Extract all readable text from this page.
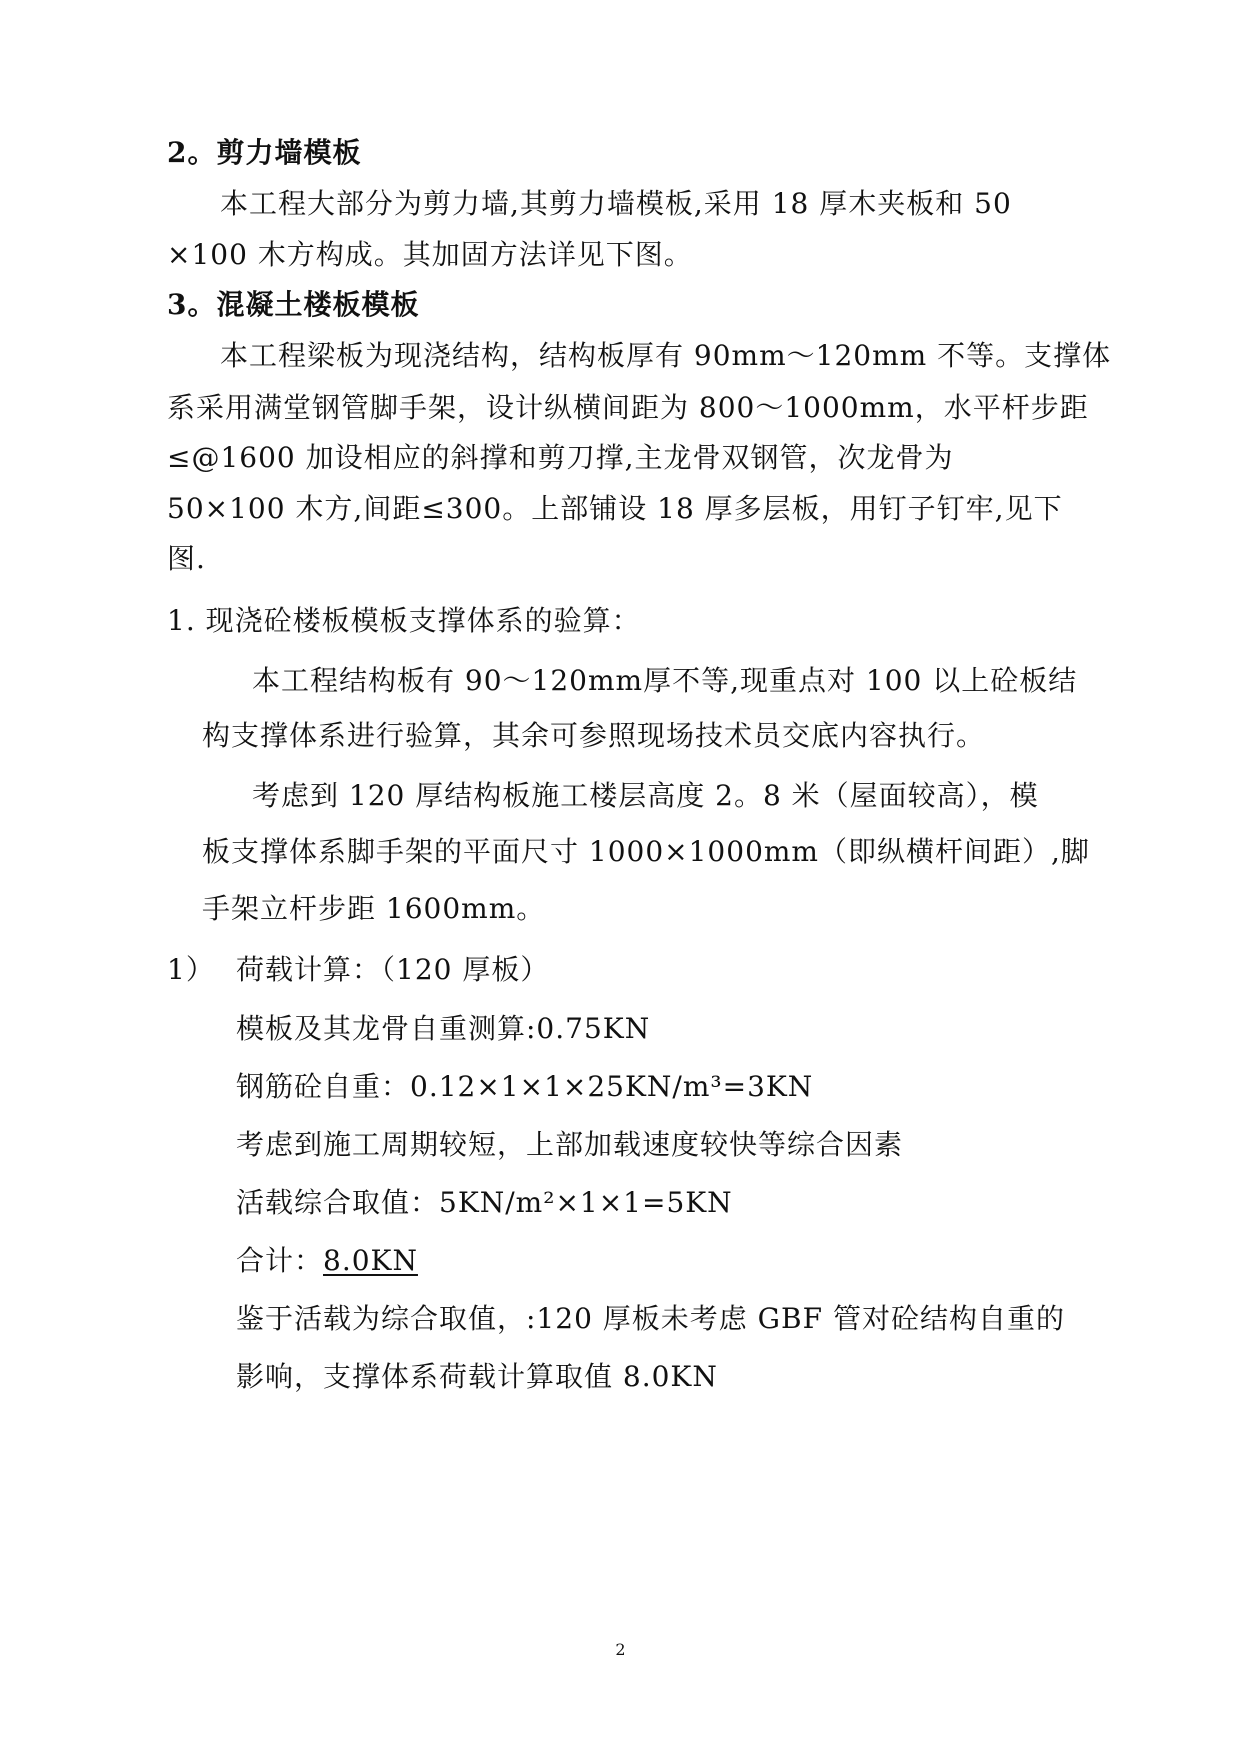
2。剪力墙模板
本工程大部分为剪力墙,其剪力墙模板,采用 18 厚木夹板和 50
×100 木方构成。其加固方法详见下图。
3。混凝土楼板模板
本工程梁板为现浇结构，结构板厚有 90mm～120mm 不等。支撑体
系采用满堂钢管脚手架，设计纵横间距为 800～1000mm，水平杆步距
≤@1600 加设相应的斜撑和剪刀撑,主龙骨双钢管，次龙骨为
50×100 木方,间距≤300。上部铺设 18 厚多层板，用钉子钉牢,见下
图.
1. 现浇砼楼板模板支撑体系的验算：
本工程结构板有 90～120mm厚不等,现重点对 100 以上砼板结
构支撑体系进行验算，其余可参照现场技术员交底内容执行。
考虑到 120 厚结构板施工楼层高度 2。8 米（屋面较高），模
板支撑体系脚手架的平面尺寸 1000×1000mm（即纵横杆间距）,脚
手架立杆步距 1600mm。
1） 荷载计算：（120 厚板）
模板及其龙骨自重测算:0.75KN
钢筋砼自重：0.12×1×1×25KN/m³=3KN
考虑到施工周期较短，上部加载速度较快等综合因素
活载综合取值：5KN/m²×1×1=5KN
合计：8.0KN
鉴于活载为综合取值，:120 厚板未考虑 GBF 管对砼结构自重的
影响，支撑体系荷载计算取值 8.0KN
2
